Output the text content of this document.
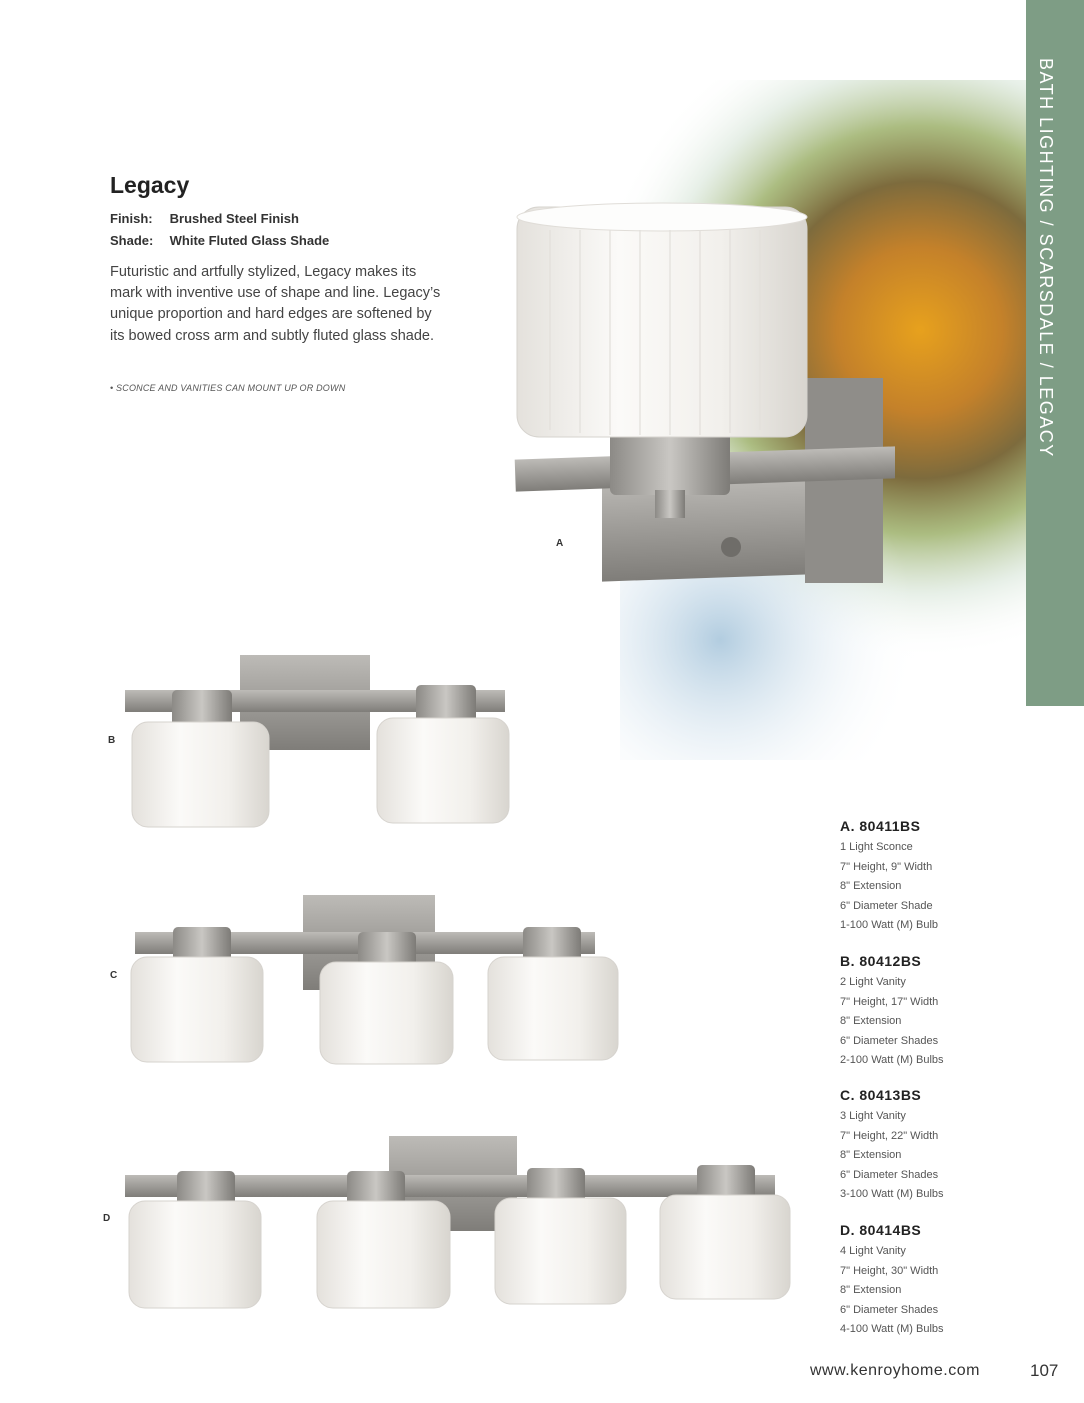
BATH LIGHTING / SCARSDALE / LEGACY
Legacy
Finish: Brushed Steel Finish
Shade: White Fluted Glass Shade
Futuristic and artfully stylized, Legacy makes its mark with inventive use of shape and line. Legacy’s unique proportion and hard edges are softened by its bowed cross arm and subtly fluted glass shade.
• SCONCE AND VANITIES CAN MOUNT UP OR DOWN
A
B
C
D
A. 80411BS
1 Light Sconce
7" Height, 9" Width
8" Extension
6" Diameter Shade
1-100 Watt (M) Bulb
B. 80412BS
2 Light Vanity
7" Height, 17" Width
8" Extension
6" Diameter Shades
2-100 Watt (M) Bulbs
C. 80413BS
3 Light Vanity
7" Height, 22" Width
8" Extension
6" Diameter Shades
3-100 Watt (M) Bulbs
D. 80414BS
4 Light Vanity
7" Height, 30" Width
8" Extension
6" Diameter Shades
4-100 Watt (M) Bulbs
www.kenroyhome.com	107
